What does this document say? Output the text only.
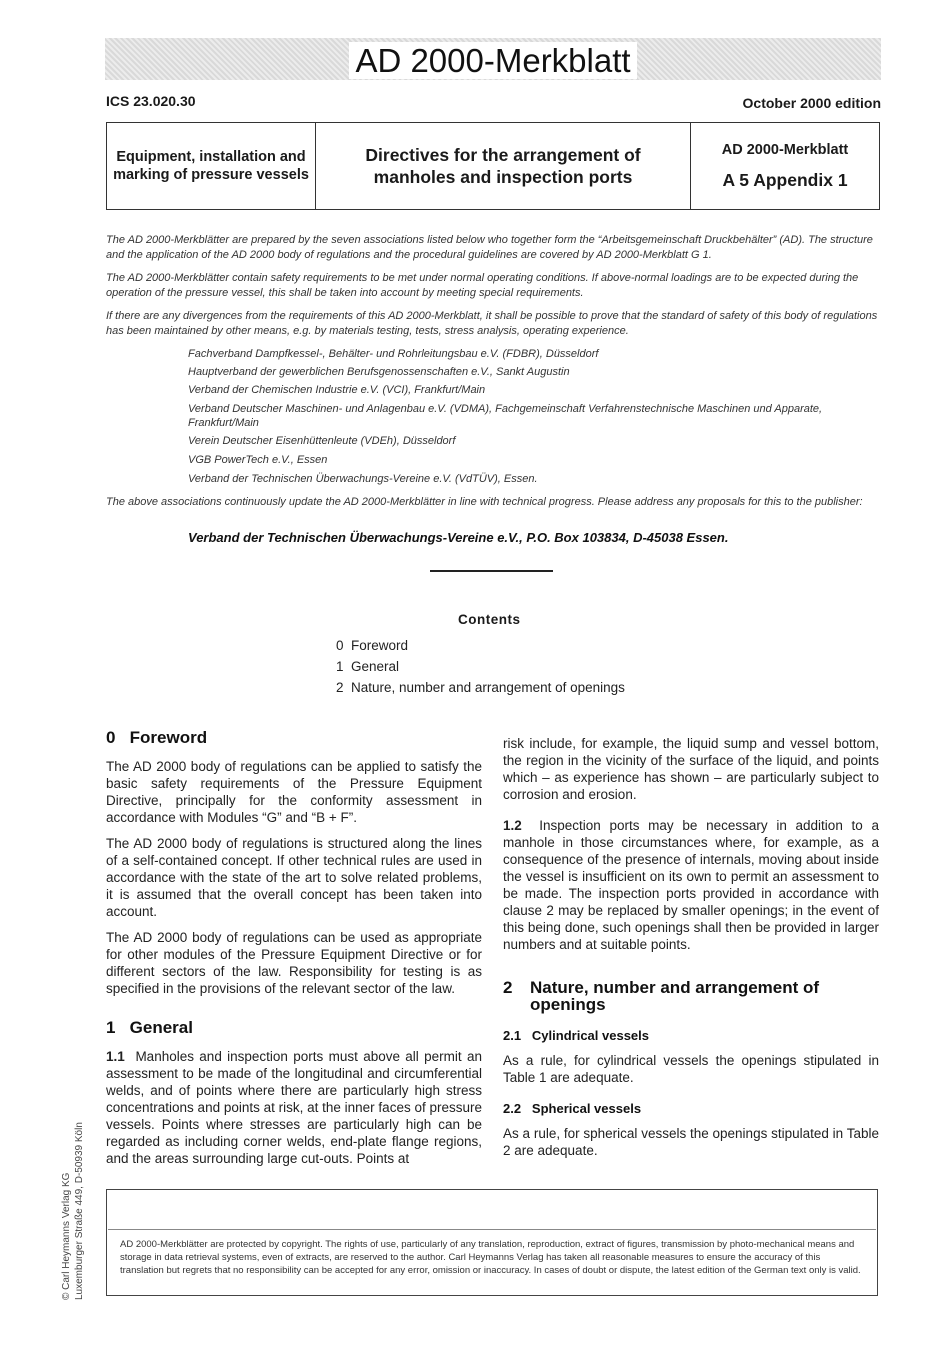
AD 2000-Merkblatt
ICS 23.020.30	October 2000 edition
Equipment, installation and marking of pressure vessels
Directives for the arrangement of manholes and inspection ports
AD 2000-Merkblatt
A 5 Appendix 1
The AD 2000-Merkblätter are prepared by the seven associations listed below who together form the “Arbeitsgemeinschaft Druckbehälter” (AD). The structure and the application of the AD 2000 body of regulations and the procedural guidelines are covered by AD 2000-Merkblatt G 1.
The AD 2000-Merkblätter contain safety requirements to be met under normal operating conditions. If above-normal loadings are to be expected during the operation of the pressure vessel, this shall be taken into account by meeting special requirements.
If there are any divergences from the requirements of this AD 2000-Merkblatt, it shall be possible to prove that the standard of safety of this body of regulations has been maintained by other means, e.g. by materials testing, tests, stress analysis, operating experience.
Fachverband Dampfkessel-, Behälter- und Rohrleitungsbau e.V. (FDBR), Düsseldorf
Hauptverband der gewerblichen Berufsgenossenschaften e.V., Sankt Augustin
Verband der Chemischen Industrie e.V. (VCI), Frankfurt/Main
Verband Deutscher Maschinen- und Anlagenbau e.V. (VDMA), Fachgemeinschaft Verfahrenstechnische Maschinen und Apparate, Frankfurt/Main
Verein Deutscher Eisenhüttenleute (VDEh), Düsseldorf
VGB PowerTech e.V., Essen
Verband der Technischen Überwachungs-Vereine e.V. (VdTÜV), Essen.
The above associations continuously update the AD 2000-Merkblätter in line with technical progress. Please address any proposals for this to the publisher:
Verband der Technischen Überwachungs-Vereine e.V., P.O. Box 103834, D-45038 Essen.
Contents
0  Foreword
1  General
2  Nature, number and arrangement of openings
0 Foreword

The AD 2000 body of regulations can be applied to satisfy the basic safety requirements of the Pressure Equipment Directive, principally for the conformity assessment in accordance with Modules “G” and “B + F”.

The AD 2000 body of regulations is structured along the lines of a self-contained concept. If other technical rules are used in accordance with the state of the art to solve related problems, it is assumed that the overall concept has been taken into account.

The AD 2000 body of regulations can be used as appropriate for other modules of the Pressure Equipment Directive or for different sectors of the law. Responsibility for testing is as specified in the provisions of the relevant sector of the law.

1 General

1.1 Manholes and inspection ports must above all permit an assessment to be made of the longitudinal and circumferential welds, and of points where there are particularly high stress concentrations and points at risk, at the inner faces of pressure vessels. Points where stresses are particularly high can be regarded as including corner welds, end-plate flange regions, and the areas surrounding large cut-outs. Points at

risk include, for example, the liquid sump and vessel bottom, the region in the vicinity of the surface of the liquid, and points which – as experience has shown – are particularly subject to corrosion and erosion.

1.2 Inspection ports may be necessary in addition to a manhole in those circumstances where, for example, as a consequence of the presence of internals, moving about inside the vessel is insufficient on its own to permit an assessment to be made. The inspection ports provided in accordance with clause 2 may be replaced by smaller openings; in the event of this being done, such openings shall then be provided in larger numbers and at suitable points.

2	Nature, number and arrangement of openings
2.1 Cylindrical vessels

As a rule, for cylindrical vessels the openings stipulated in Table 1 are adequate.

2.2 Spherical vessels

As a rule, for spherical vessels the openings stipulated in Table 2 are adequate.

AD 2000-Merkblätter are protected by copyright. The rights of use, particularly of any translation, reproduction, extract of figures, transmission by photo-mechanical means and storage in data retrieval systems, even of extracts, are reserved to the author. Carl Heymanns Verlag has taken all reasonable measures to ensure the accuracy of this translation but regrets that no responsibility can be accepted for any error, omission or inaccuracy. In cases of doubt or dispute, the latest edition of the German text only is valid.
© Carl Heymanns Verlag KG Luxemburger Straße 449, D-50939 Köln
